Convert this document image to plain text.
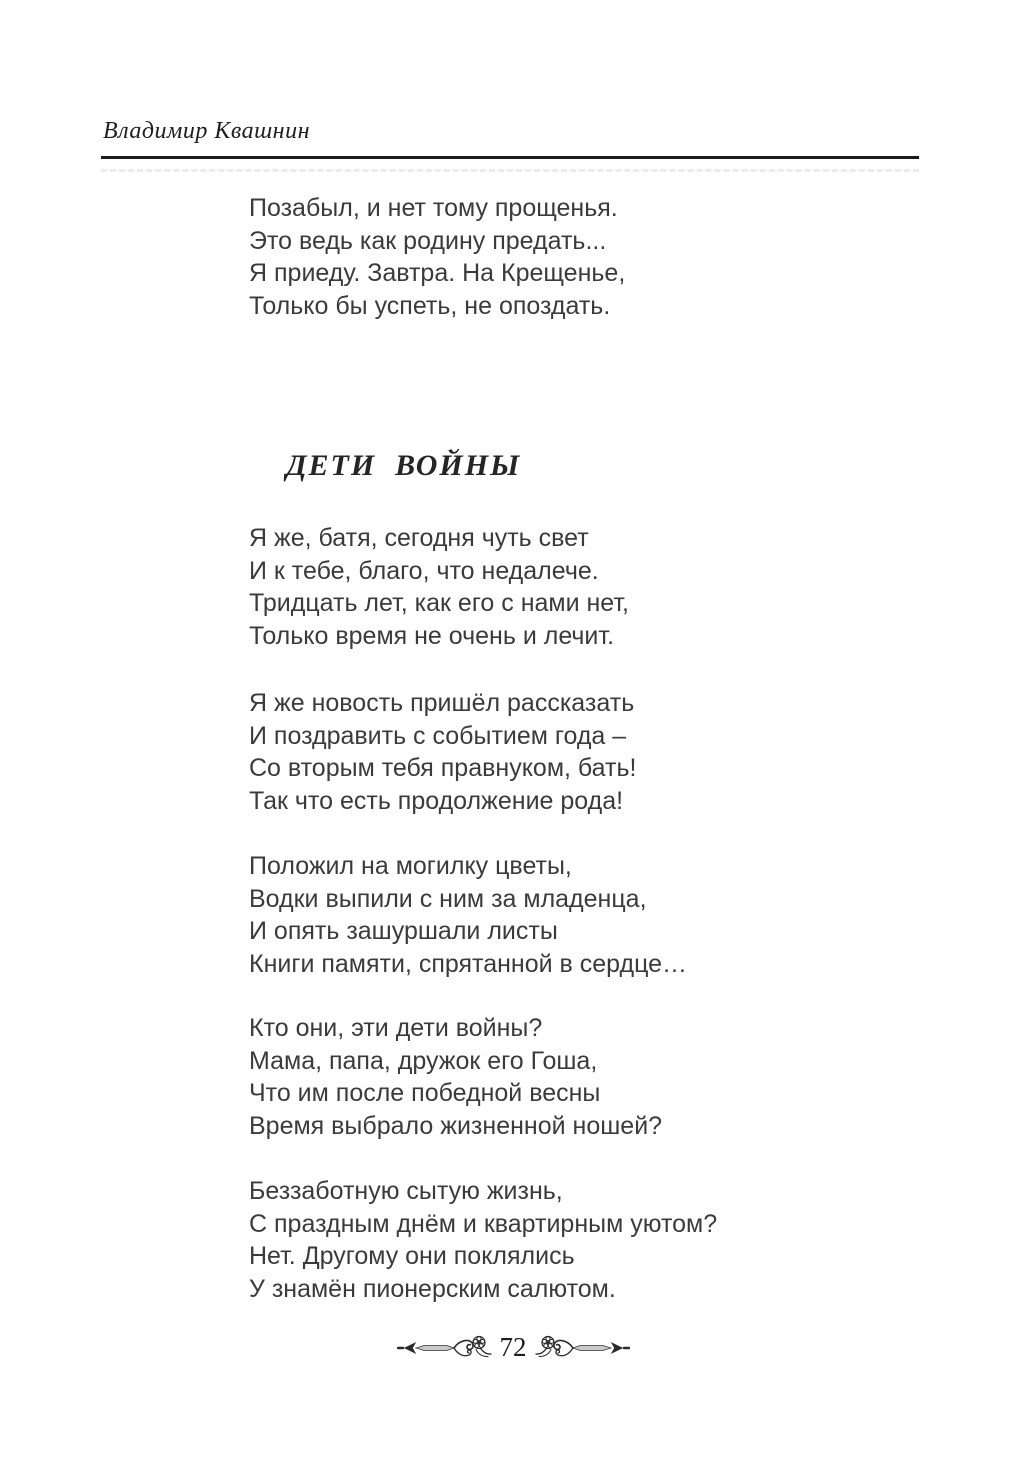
Владимир Квашнин
Позабыл, и нет тому прощенья.
Это ведь как родину предать...
Я приеду. Завтра. На Крещенье,
Только бы успеть, не опоздать.
ДЕТИ  ВОЙНЫ
Я же, батя, сегодня чуть свет
И к тебе, благо, что недалече.
Тридцать лет, как его с нами нет,
Только время не очень и лечит.
Я же новость пришёл рассказать
И поздравить с событием года –
Со вторым тебя правнуком, бать!
Так что есть продолжение рода!
Положил на могилку цветы,
Водки выпили с ним за младенца,
И опять зашуршали листы
Книги памяти, спрятанной в сердце…
Кто они, эти дети войны?
Мама, папа, дружок его Гоша,
Что им после победной весны
Время выбрало жизненной ношей?
Беззаботную сытую жизнь,
С праздным днём и квартирным уютом?
Нет. Другому они поклялись
У знамён пионерским салютом.
72
